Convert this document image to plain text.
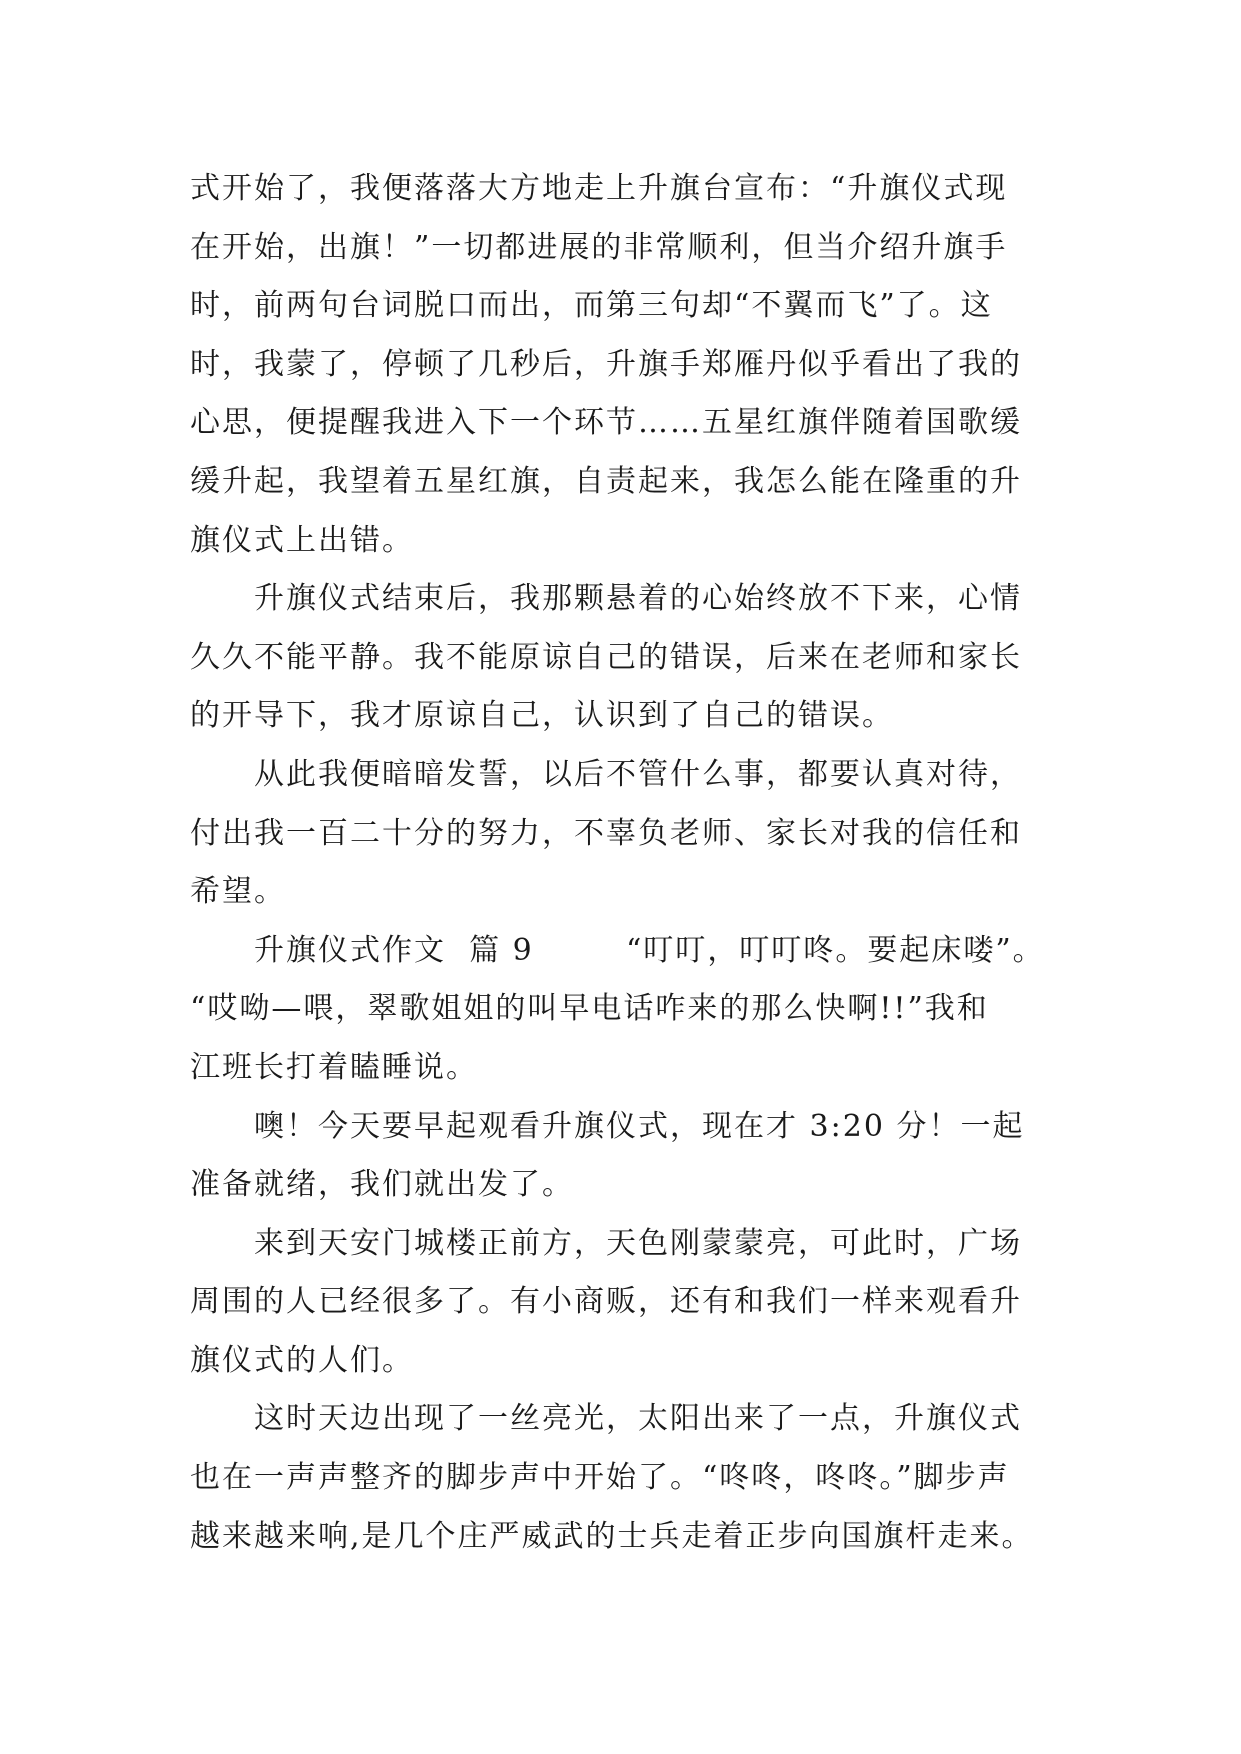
式开始了，我便落落大方地走上升旗台宣布：“升旗仪式现
在开始，出旗！”一切都进展的非常顺利，但当介绍升旗手
时，前两句台词脱口而出，而第三句却“不翼而飞”了。这
时，我蒙了，停顿了几秒后，升旗手郑雁丹似乎看出了我的
心思，便提醒我进入下一个环节……五星红旗伴随着国歌缓
缓升起，我望着五星红旗，自责起来，我怎么能在隆重的升
旗仪式上出错。

升旗仪式结束后，我那颗悬着的心始终放不下来，心情
久久不能平静。我不能原谅自己的错误，后来在老师和家长
的开导下，我才原谅自己，认识到了自己的错误。

从此我便暗暗发誓，以后不管什么事，都要认真对待，
付出我一百二十分的努力，不辜负老师、家长对我的信任和
希望。

升旗仪式作文  篇 9        “叮叮，叮叮咚。要起床喽”。
“哎呦—喂，翠歌姐姐的叫早电话咋来的那么快啊!!”我和
江班长打着瞌睡说。

噢！今天要早起观看升旗仪式，现在才 3:20 分！一起
准备就绪，我们就出发了。

来到天安门城楼正前方，天色刚蒙蒙亮，可此时，广场
周围的人已经很多了。有小商贩，还有和我们一样来观看升
旗仪式的人们。

这时天边出现了一丝亮光，太阳出来了一点，升旗仪式
也在一声声整齐的脚步声中开始了。“咚咚，咚咚。”脚步声
越来越来响,是几个庄严威武的士兵走着正步向国旗杆走来。
